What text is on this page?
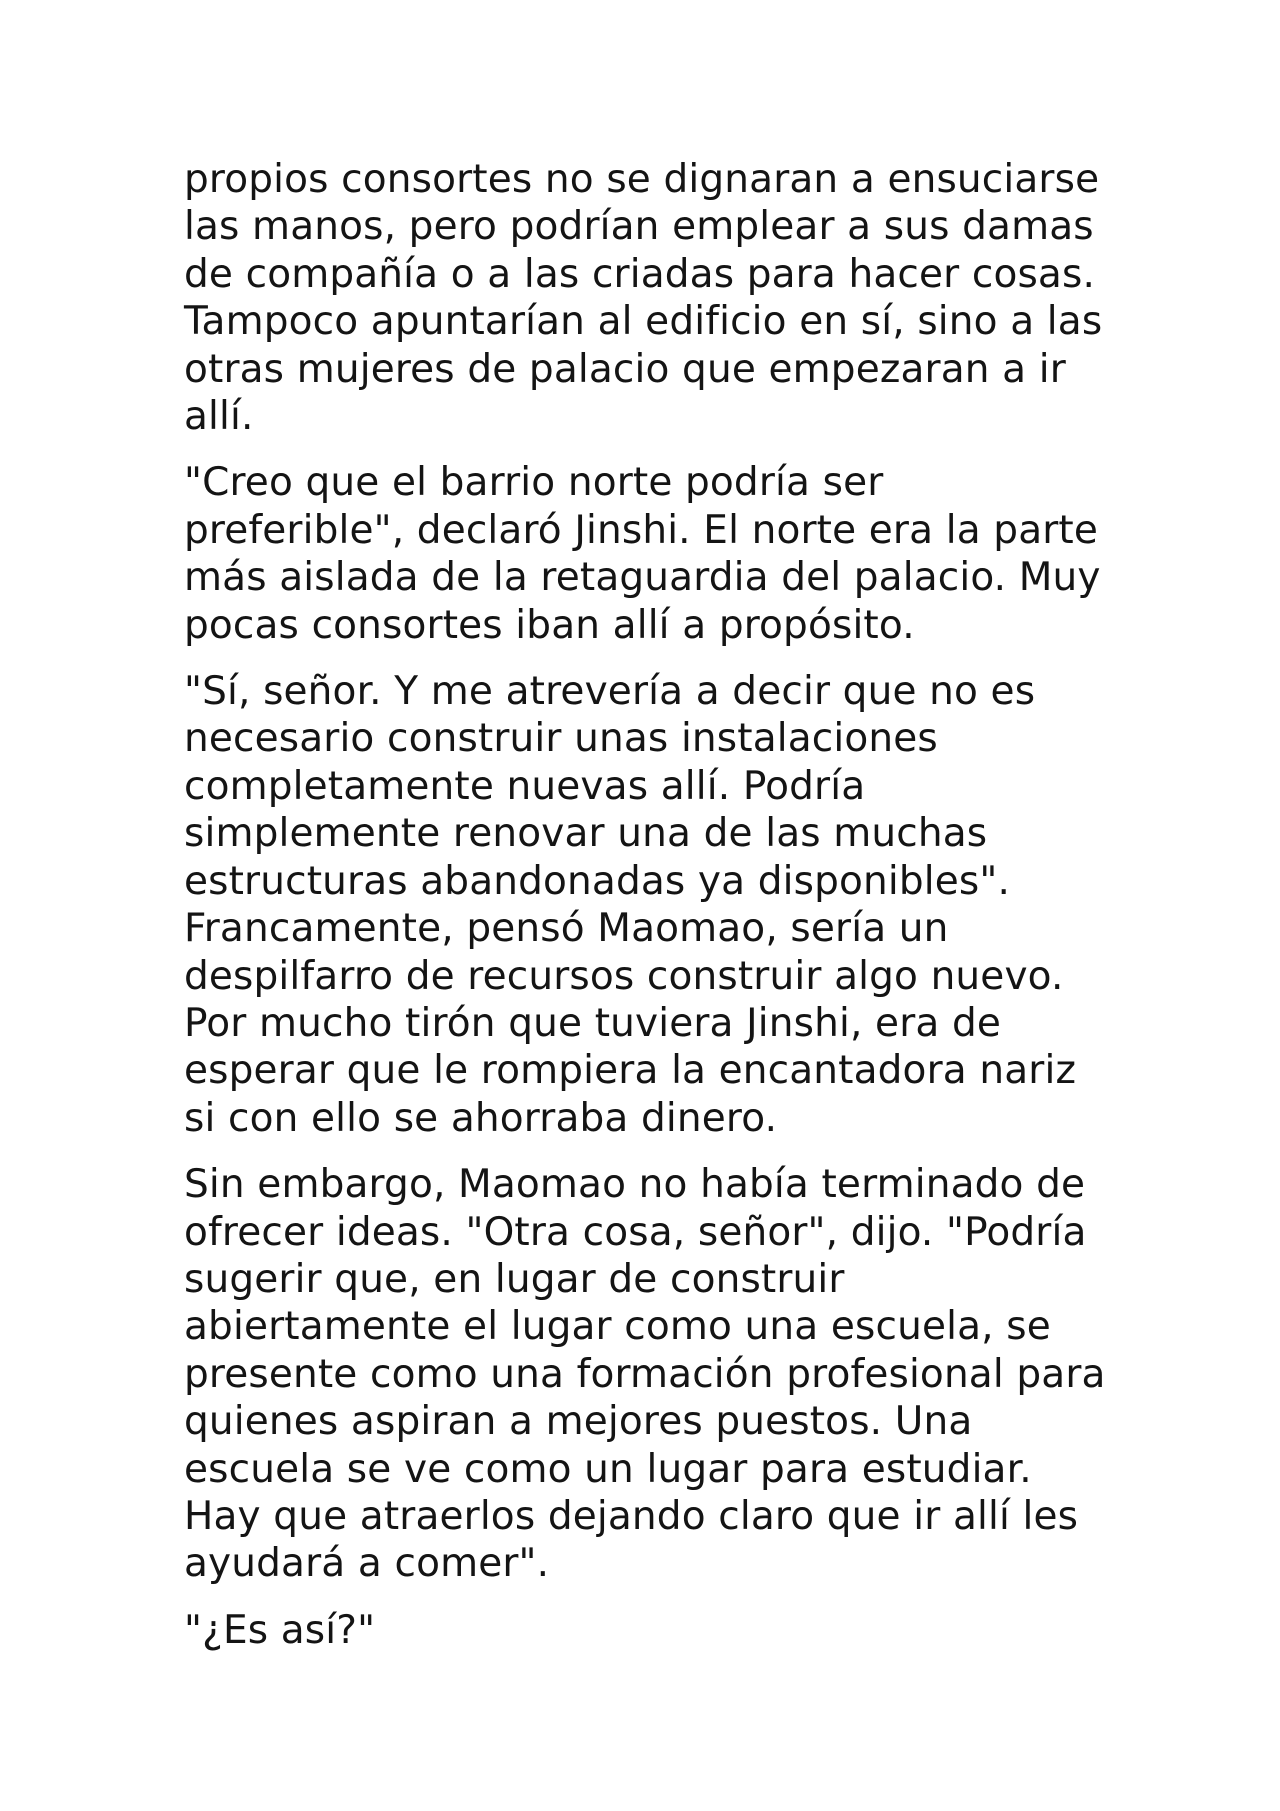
propios consortes no se dignaran a ensuciarse
las manos, pero podrían emplear a sus damas
de compañía o a las criadas para hacer cosas.
Tampoco apuntarían al edificio en sí, sino a las
otras mujeres de palacio que empezaran a ir
allí.

"Creo que el barrio norte podría ser
preferible", declaró Jinshi. El norte era la parte
más aislada de la retaguardia del palacio. Muy
pocas consortes iban allí a propósito.

"Sí, señor. Y me atrevería a decir que no es
necesario construir unas instalaciones
completamente nuevas allí. Podría
simplemente renovar una de las muchas
estructuras abandonadas ya disponibles".
Francamente, pensó Maomao, sería un
despilfarro de recursos construir algo nuevo.
Por mucho tirón que tuviera Jinshi, era de
esperar que le rompiera la encantadora nariz
si con ello se ahorraba dinero.

Sin embargo, Maomao no había terminado de
ofrecer ideas. "Otra cosa, señor", dijo. "Podría
sugerir que, en lugar de construir
abiertamente el lugar como una escuela, se
presente como una formación profesional para
quienes aspiran a mejores puestos. Una
escuela se ve como un lugar para estudiar.
Hay que atraerlos dejando claro que ir allí les
ayudará a comer".

"¿Es así?"
